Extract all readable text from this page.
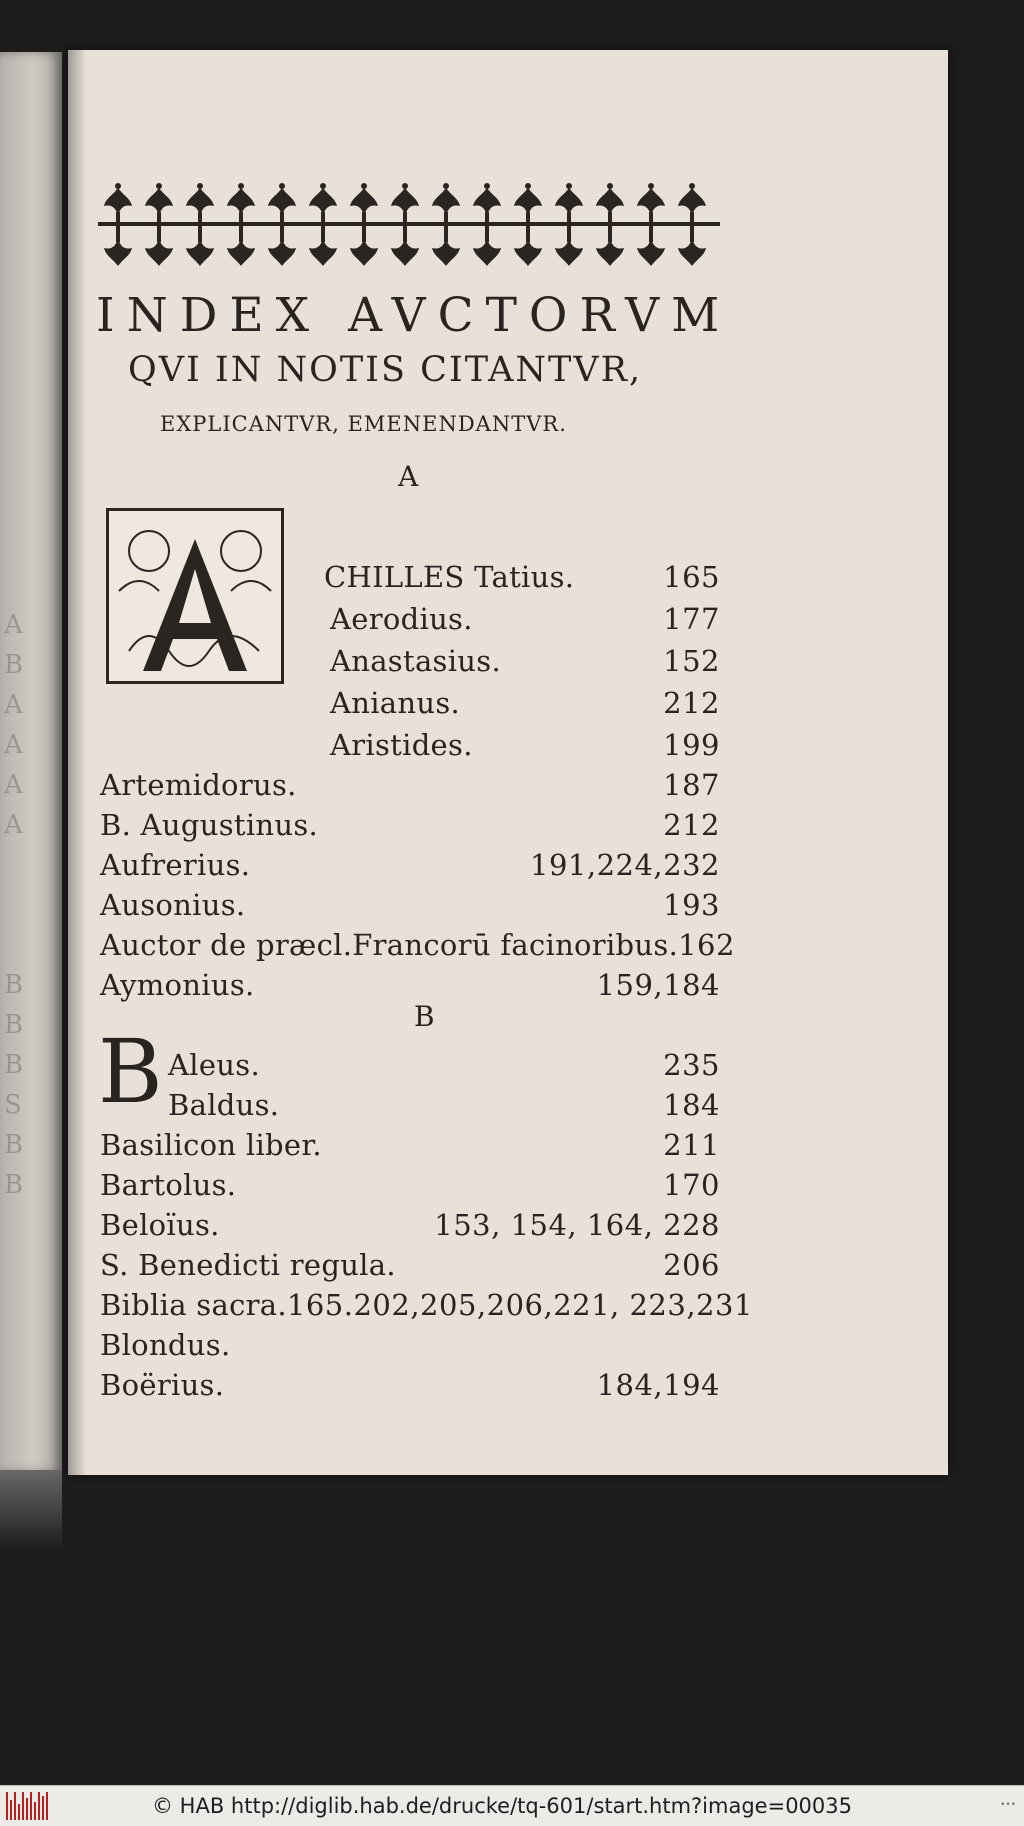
A
B
A
A
A
A
B
B
B
S
B
B
INDEX AVCTORVM
QVI IN NOTIS CITANTVR,
EXPLICANTVR, EMENENDANTVR.
A
B
B
CHILLES Tatius.	165
Aerodius.	177
Anastasius.	152
Anianus.	212
Aristides.	199
Artemidorus.	187
B. Augustinus.	212
Aufrerius.	191,224,232
Ausonius.	193
Auctor de præcl.Francorū facinoribus. 162
Aymonius.	159,184
Aleus.	235
Baldus.	184
Basilicon liber.	211
Bartolus.	170
Beloïus.	153, 154, 164, 228
S. Benedicti regula.	206
Biblia sacra. 165.202,205,206,221, 223,231
Blondus.
Boërius.	184,194
© HAB http://diglib.hab.de/drucke/tq-601/start.htm?image=00035	•••
